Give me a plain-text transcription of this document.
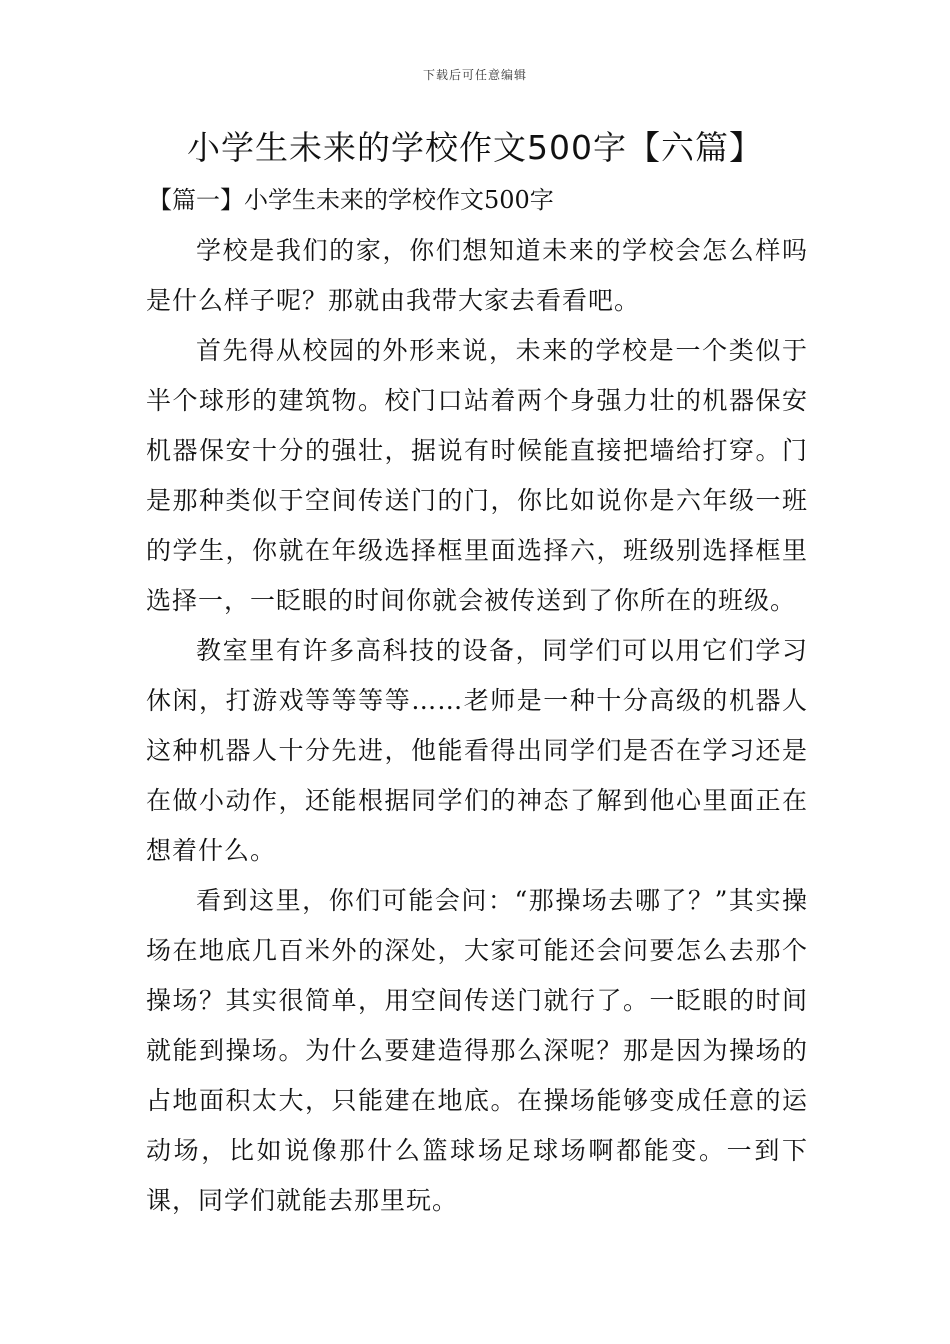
下载后可任意编辑
小学生未来的学校作文500字【六篇】
【篇一】小学生未来的学校作文500字

学校是我们的家，你们想知道未来的学校会怎么样吗是什么样子呢？那就由我带大家去看看吧。

首先得从校园的外形来说，未来的学校是一个类似于半个球形的建筑物。校门口站着两个身强力壮的机器保安机器保安十分的强壮，据说有时候能直接把墙给打穿。门是那种类似于空间传送门的门，你比如说你是六年级一班的学生，你就在年级选择框里面选择六，班级别选择框里选择一，一眨眼的时间你就会被传送到了你所在的班级。

教室里有许多高科技的设备，同学们可以用它们学习休闲，打游戏等等等等……老师是一种十分高级的机器人这种机器人十分先进，他能看得出同学们是否在学习还是在做小动作，还能根据同学们的神态了解到他心里面正在想着什么。

看到这里，你们可能会问：“那操场去哪了？”其实操场在地底几百米外的深处，大家可能还会问要怎么去那个操场？其实很简单，用空间传送门就行了。一眨眼的时间就能到操场。为什么要建造得那么深呢？那是因为操场的占地面积太大，只能建在地底。在操场能够变成任意的运动场，比如说像那什么篮球场足球场啊都能变。一到下课，同学们就能去那里玩。
